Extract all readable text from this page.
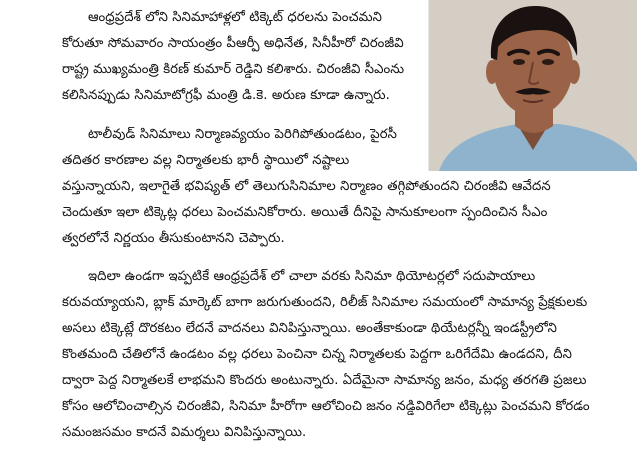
ఆంధ్రప్రదేశ్ లోని సినిమాహాళ్లలో టిక్కెట్ ధరలను పెంచమని
కోరుతూ సోమవారం సాయంత్రం పీఆర్పీ అధినేత, సినీహీరో చిరంజీవి
రాష్ట్ర ముఖ్యమంత్రి కిరణ్ కుమార్ రెడ్డిని కలిశారు. చిరంజీవి సీఎంను
కలిసినప్పుడు సినిమాటోగ్రఫీ మంత్రి డి.కె. అరుణ కూడా ఉన్నారు.
టాలీవుడ్ సినిమాలు నిర్మాణవ్యయం పెరిగిపోతుండటం, పైరసీ
తదితర కారణాల వల్ల నిర్మాతలకు భారీ స్థాయిలో నష్టాలు
వస్తున్నాయని, ఇలాగైతే భవిష్యత్ లో తెలుగుసినిమాల నిర్మాణం తగ్గిపోతుందని చిరంజీవి ఆవేదన
చెందుతూ ఇలా టిక్కెట్ల ధరలు పెంచమనికోరారు. అయితే దీనిపై సానుకూలంగా స్పందించిన సీఎం
త్వరలోనే నిర్ణయం తీసుకుంటానని చెప్పారు.
ఇదిలా ఉండగా ఇప్పటికే ఆంధ్రప్రదేశ్ లో చాలా వరకు సినిమా థియోటర్లలో సదుపాయాలు
కరువయ్యాయని, బ్లాక్ మార్కెట్ బాగా జరుగుతుందని, రిలీజ్ సినిమాల సమయంలో సామాన్య ప్రేక్షకులకు
అసలు టిక్కెట్లే దొరకటం లేదనే వాదనలు వినిపిస్తున్నాయి. అంతేకాకుండా థియేటర్లన్నీ ఇండస్ట్రీలోని
కొంతమంది చేతిలోనే ఉండటం వల్ల ధరలు పెంచినా చిన్న నిర్మాతలకు పెద్దగా ఒరిగేదేమి ఉండదని, దీని
ద్వారా పెద్ద నిర్మాతలకే లాభమని కొందరు అంటున్నారు. ఏదేమైనా సామాన్య జనం, మధ్య తరగతి ప్రజలు
కోసం ఆలోచించాల్సిన చిరంజీవి, సినిమా హీరోగా ఆలోచించి జనం నడ్డివిరిగేలా టిక్కెట్లు పెంచమని కోరడం
సమంజసమం కాదనే విమర్శలు వినిపిస్తున్నాయి.
